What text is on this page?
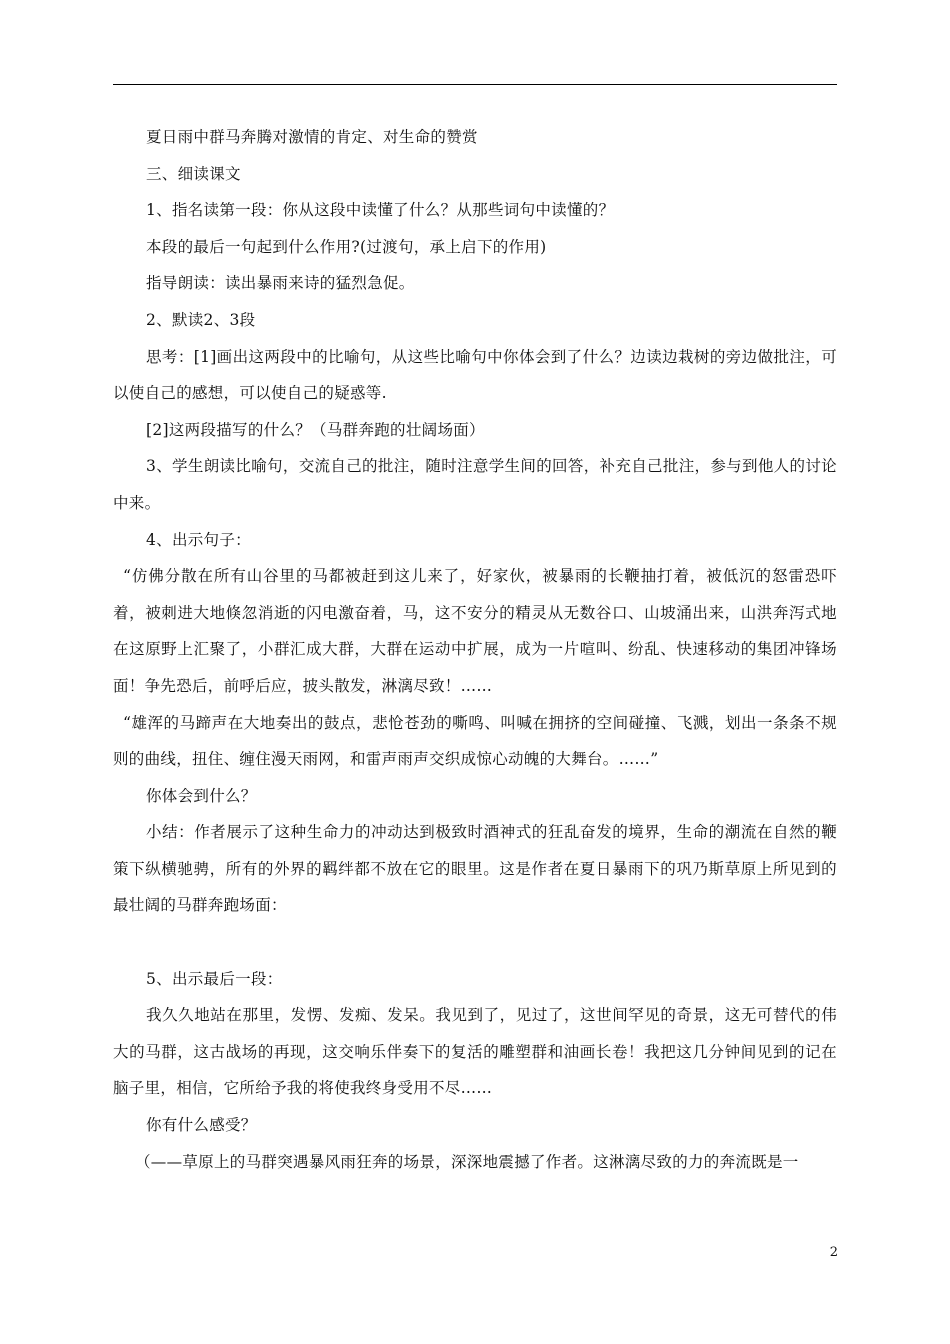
夏日雨中群马奔腾对激情的肯定、对生命的赞赏

三、细读课文

1、指名读第一段：你从这段中读懂了什么？从那些词句中读懂的？

本段的最后一句起到什么作用?(过渡句，承上启下的作用)

指导朗读：读出暴雨来诗的猛烈急促。

2、默读2、3段

思考：[1]画出这两段中的比喻句，从这些比喻句中你体会到了什么？边读边栽树的旁边做批注，可以使自己的感想，可以使自己的疑惑等.

[2]这两段描写的什么？（马群奔跑的壮阔场面）

3、学生朗读比喻句，交流自己的批注，随时注意学生间的回答，补充自己批注，参与到他人的讨论中来。

4、出示句子：

“仿佛分散在所有山谷里的马都被赶到这儿来了，好家伙，被暴雨的长鞭抽打着，被低沉的怒雷恐吓着，被刺进大地倏忽消逝的闪电激奋着，马，这不安分的精灵从无数谷口、山坡涌出来，山洪奔泻式地在这原野上汇聚了，小群汇成大群，大群在运动中扩展，成为一片喧叫、纷乱、快速移动的集团冲锋场面！争先恐后，前呼后应，披头散发，淋漓尽致！……

“雄浑的马蹄声在大地奏出的鼓点，悲怆苍劲的嘶鸣、叫喊在拥挤的空间碰撞、飞溅，划出一条条不规则的曲线，扭住、缠住漫天雨网，和雷声雨声交织成惊心动魄的大舞台。……”

你体会到什么？

小结：作者展示了这种生命力的冲动达到极致时酒神式的狂乱奋发的境界，生命的潮流在自然的鞭策下纵横驰骋，所有的外界的羁绊都不放在它的眼里。这是作者在夏日暴雨下的巩乃斯草原上所见到的最壮阔的马群奔跑场面：

5、出示最后一段：

我久久地站在那里，发愣、发痴、发呆。我见到了，见过了，这世间罕见的奇景，这无可替代的伟大的马群，这古战场的再现，这交响乐伴奏下的复活的雕塑群和油画长卷！我把这几分钟间见到的记在脑子里，相信，它所给予我的将使我终身受用不尽……

你有什么感受？

（——草原上的马群突遇暴风雨狂奔的场景，深深地震撼了作者。这淋漓尽致的力的奔流既是一

2
